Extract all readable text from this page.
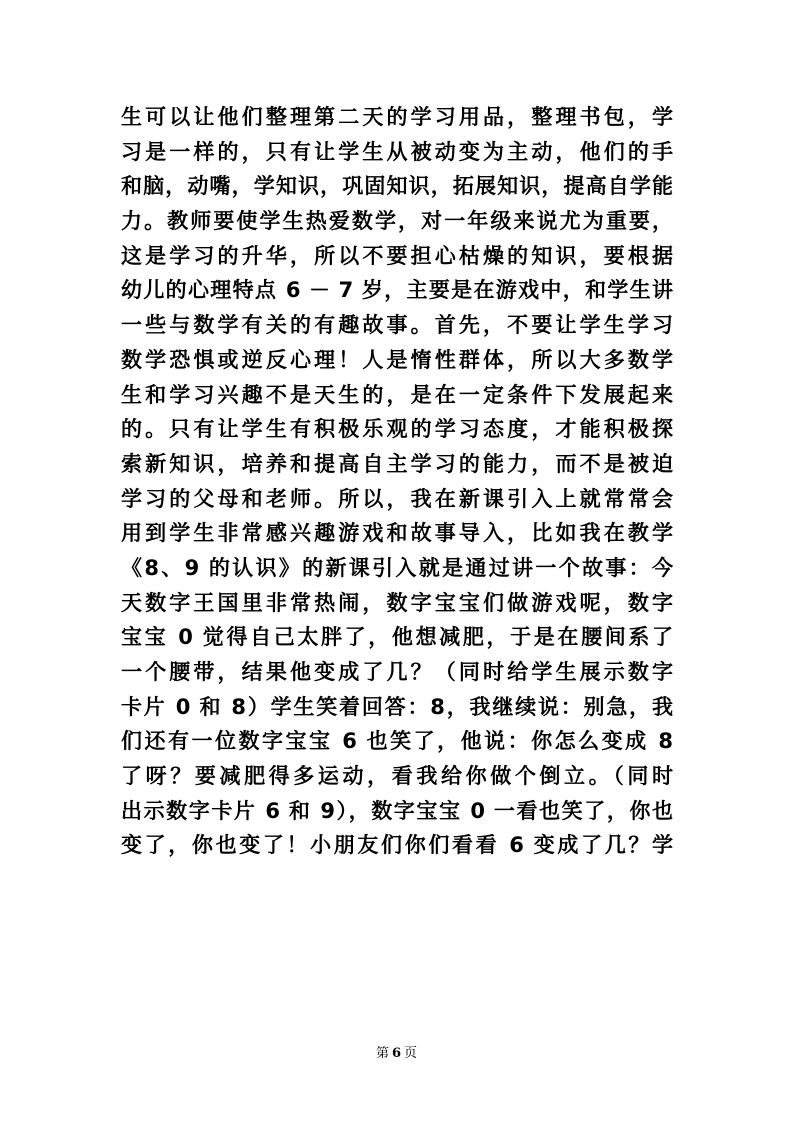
生可以让他们整理第二天的学习用品，整理书包，学

习是一样的，只有让学生从被动变为主动，他们的手

和脑，动嘴，学知识，巩固知识，拓展知识，提高自学能

力。教师要使学生热爱数学，对一年级来说尤为重要，

这是学习的升华，所以不要担心枯燥的知识，要根据

幼儿的心理特点 6 － 7 岁，主要是在游戏中，和学生讲

一些与数学有关的有趣故事。首先，不要让学生学习

数学恐惧或逆反心理！人是惰性群体，所以大多数学

生和学习兴趣不是天生的，是在一定条件下发展起来

的。只有让学生有积极乐观的学习态度，才能积极探

索新知识，培养和提高自主学习的能力，而不是被迫

学习的父母和老师。所以，我在新课引入上就常常会

用到学生非常感兴趣游戏和故事导入，比如我在教学

《8、9 的认识》的新课引入就是通过讲一个故事：今

天数字王国里非常热闹，数字宝宝们做游戏呢，数字

宝宝 0 觉得自己太胖了，他想减肥，于是在腰间系了

一个腰带，结果他变成了几？（同时给学生展示数字

卡片 0 和 8）学生笑着回答：8，我继续说：别急，我

们还有一位数字宝宝 6 也笑了，他说：你怎么变成 8

了呀？要减肥得多运动，看我给你做个倒立。（同时

出示数字卡片 6 和 9），数字宝宝 0 一看也笑了，你也

变了，你也变了！小朋友们你们看看 6 变成了几？学

第 6 页
